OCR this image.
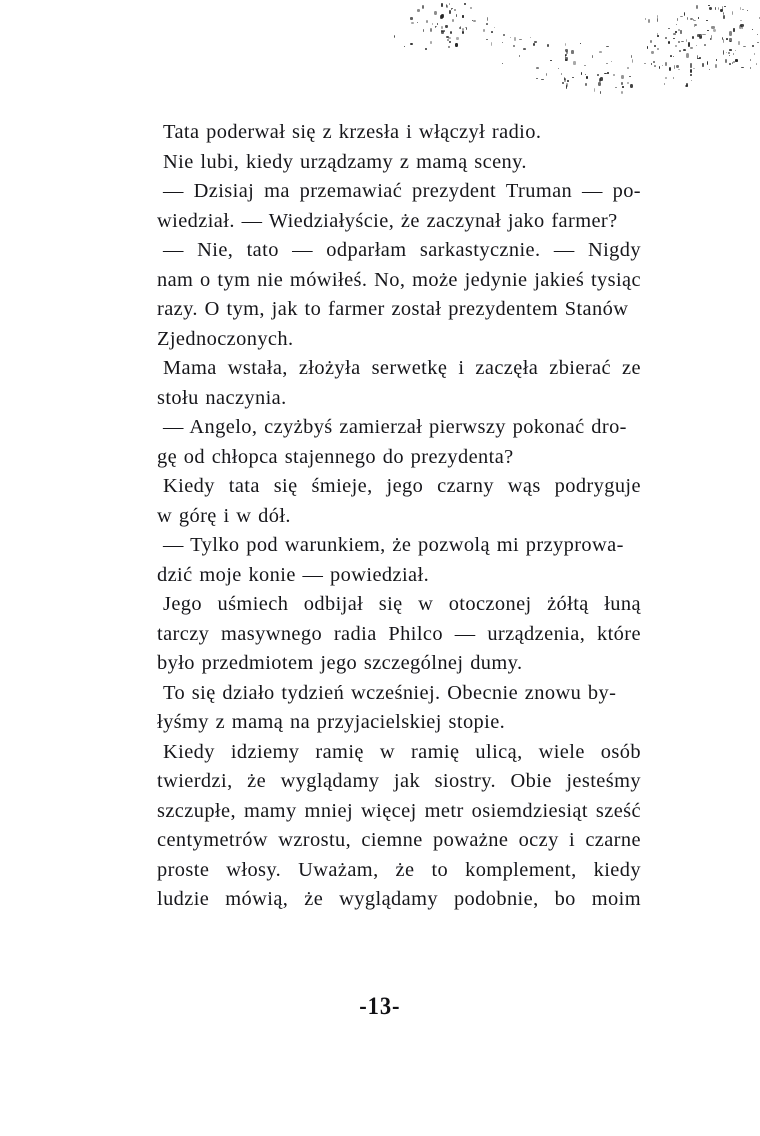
Tata poderwał się z krzesła i włączył radio.
Nie lubi, kiedy urządzamy z mamą sceny.
— Dzisiaj ma przemawiać prezydent Truman — po-
wiedział. — Wiedziałyście, że zaczynał jako farmer?
— Nie, tato — odparłam sarkastycznie. — Nigdy
nam o tym nie mówiłeś. No, może jedynie jakieś tysiąc
razy. O tym, jak to farmer został prezydentem Stanów
Zjednoczonych.
Mama wstała, złożyła serwetkę i zaczęła zbierać ze
stołu naczynia.
— Angelo, czyżbyś zamierzał pierwszy pokonać dro-
gę od chłopca stajennego do prezydenta?
Kiedy tata się śmieje, jego czarny wąs podryguje
w górę i w dół.
— Tylko pod warunkiem, że pozwolą mi przyprowa-
dzić moje konie — powiedział.
Jego uśmiech odbijał się w otoczonej żółtą łuną
tarczy masywnego radia Philco — urządzenia, które
było przedmiotem jego szczególnej dumy.
To się działo tydzień wcześniej. Obecnie znowu by-
łyśmy z mamą na przyjacielskiej stopie.
Kiedy idziemy ramię w ramię ulicą, wiele osób
twierdzi, że wyglądamy jak siostry. Obie jesteśmy
szczupłe, mamy mniej więcej metr osiemdziesiąt sześć
centymetrów wzrostu, ciemne poważne oczy i czarne
proste włosy. Uważam, że to komplement, kiedy
ludzie mówią, że wyglądamy podobnie, bo moim
-13-
